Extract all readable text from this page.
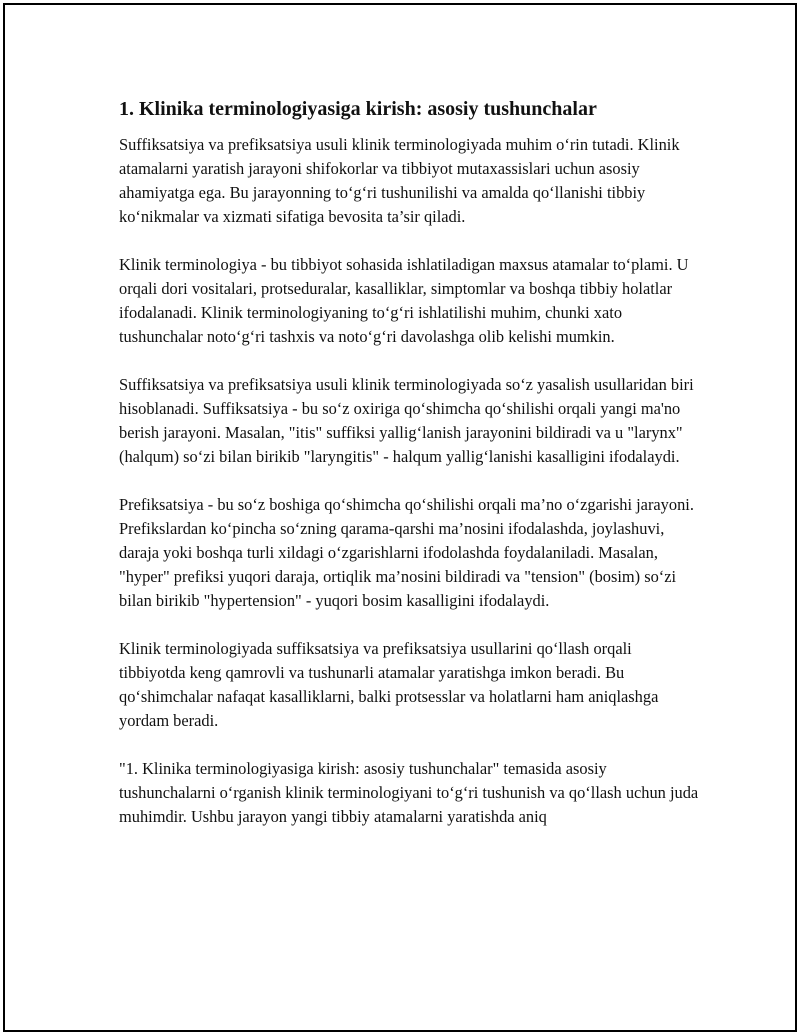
1. Klinika terminologiyasiga kirish: asosiy tushunchalar

Suffiksatsiya va prefiksatsiya usuli klinik terminologiyada muhim o‘rin tutadi. Klinik atamalarni yaratish jarayoni shifokorlar va tibbiyot mutaxassislari uchun asosiy ahamiyatga ega. Bu jarayonning to‘g‘ri tushunilishi va amalda qo‘llanishi tibbiy ko‘nikmalar va xizmati sifatiga bevosita ta’sir qiladi.

Klinik terminologiya - bu tibbiyot sohasida ishlatiladigan maxsus atamalar to‘plami. U orqali dori vositalari, protseduralar, kasalliklar, simptomlar va boshqa tibbiy holatlar ifodalanadi. Klinik terminologiyaning to‘g‘ri ishlatilishi muhim, chunki xato tushunchalar noto‘g‘ri tashxis va noto‘g‘ri davolashga olib kelishi mumkin.

Suffiksatsiya va prefiksatsiya usuli klinik terminologiyada so‘z yasalish usullaridan biri hisoblanadi. Suffiksatsiya - bu so‘z oxiriga qo‘shimcha qo‘shilishi orqali yangi ma'no berish jarayoni. Masalan, "itis" suffiksi yallig‘lanish jarayonini bildiradi va u "larynx" (halqum) so‘zi bilan birikib "laryngitis" - halqum yallig‘lanishi kasalligini ifodalaydi.

Prefiksatsiya - bu so‘z boshiga qo‘shimcha qo‘shilishi orqali ma’no o‘zgarishi jarayoni. Prefikslardan ko‘pincha so‘zning qarama-qarshi ma’nosini ifodalashda, joylashuvi, daraja yoki boshqa turli xildagi o‘zgarishlarni ifodolashda foydalaniladi. Masalan, "hyper" prefiksi yuqori daraja, ortiqlik ma’nosini bildiradi va "tension" (bosim) so‘zi bilan birikib "hypertension" - yuqori bosim kasalligini ifodalaydi.

Klinik terminologiyada suffiksatsiya va prefiksatsiya usullarini qo‘llash orqali tibbiyotda keng qamrovli va tushunarli atamalar yaratishga imkon beradi. Bu qo‘shimchalar nafaqat kasalliklarni, balki protsesslar va holatlarni ham aniqlashga yordam beradi.

"1. Klinika terminologiyasiga kirish: asosiy tushunchalar" temasida asosiy tushunchalarni o‘rganish klinik terminologiyani to‘g‘ri tushunish va qo‘llash uchun juda muhimdir. Ushbu jarayon yangi tibbiy atamalarni yaratishda aniq
